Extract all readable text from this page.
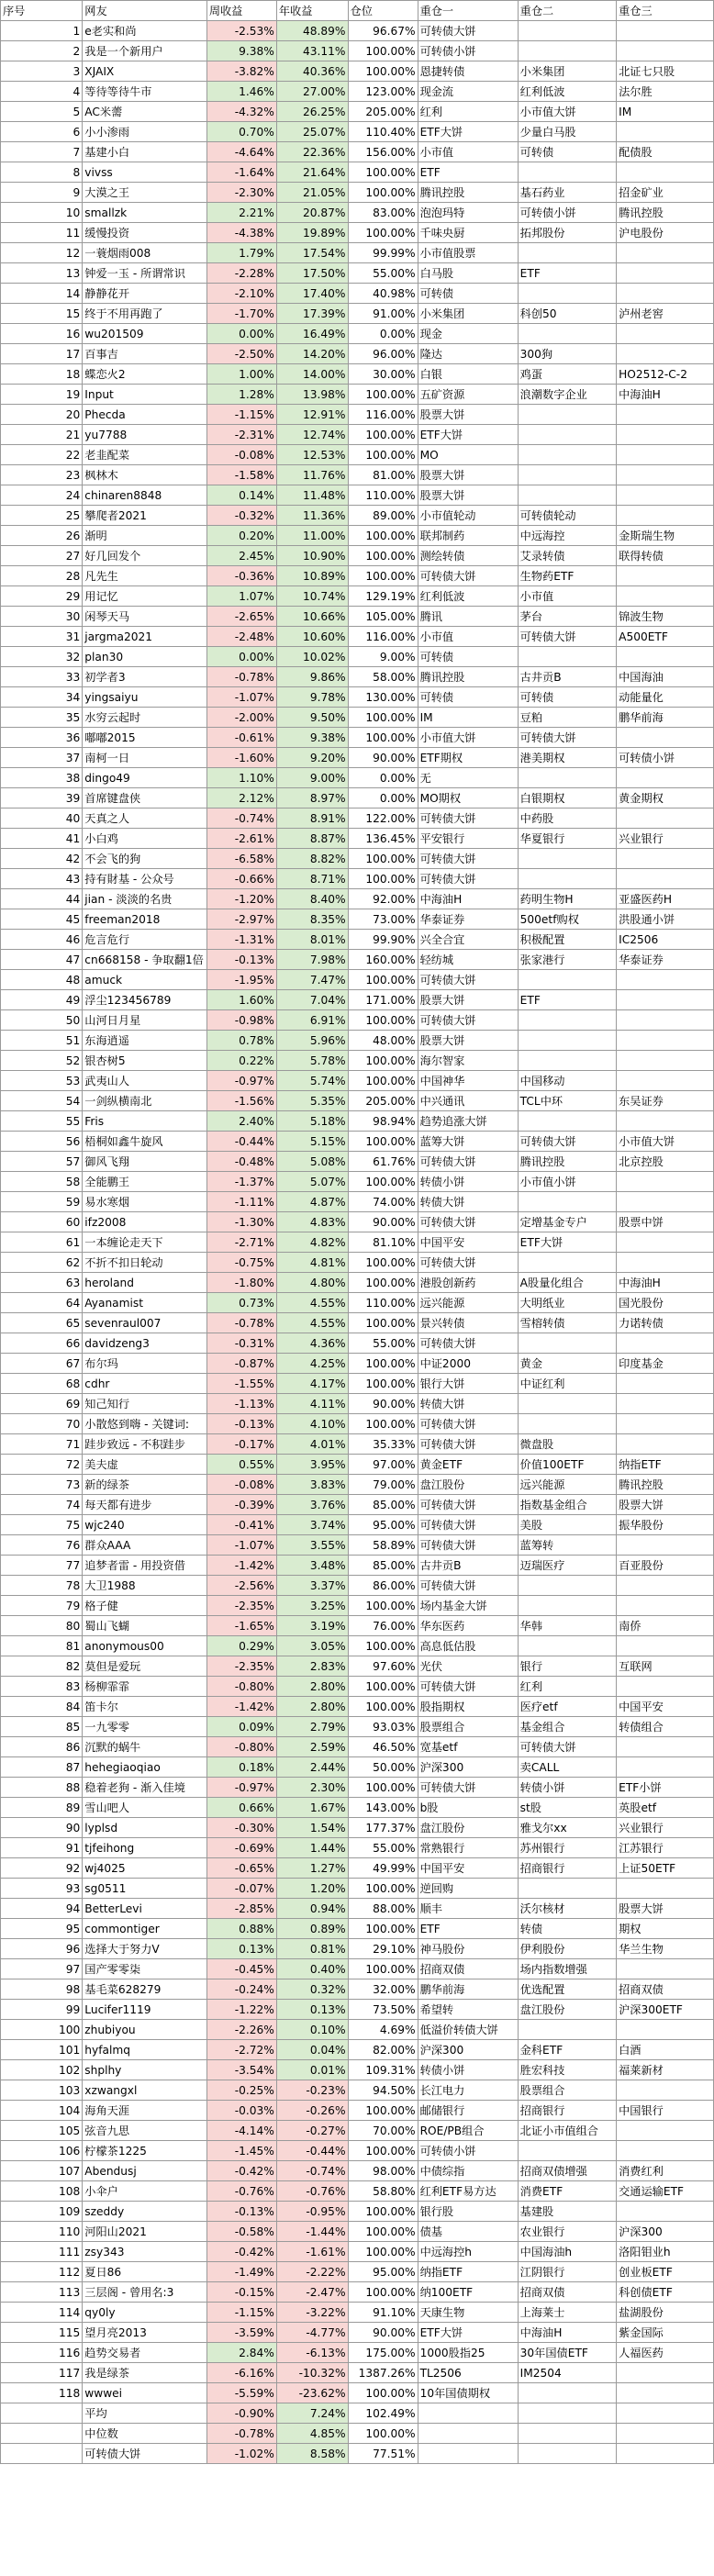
序号	网友	周收益	年收益	仓位	重仓一	重仓二	重仓三
1	e老实和尚	-2.53%	48.89%	96.67%	可转债大饼		
2	我是一个新用户	9.38%	43.11%	100.00%	可转债小饼		
3	XJAIX	-3.82%	40.36%	100.00%	恩捷转债	小米集团	北证七只股
4	等待等待牛市	1.46%	27.00%	123.00%	现金流	红利低波	法尔胜
5	AC米薷	-4.32%	26.25%	205.00%	红利	小市值大饼	IM
6	小小渗雨	0.70%	25.07%	110.40%	ETF大饼	少量白马股	
7	基建小白	-4.64%	22.36%	156.00%	小市值	可转债	配债股
8	vivss	-1.64%	21.64%	100.00%	ETF		
9	大漠之王	-2.30%	21.05%	100.00%	腾讯控股	基石药业	招金矿业
10	smallzk	2.21%	20.87%	83.00%	泡泡玛特	可转债小饼	腾讯控股
11	缓慢投资	-4.38%	19.89%	100.00%	千味央厨	拓邦股份	沪电股份
12	一蓑烟雨008	1.79%	17.54%	99.99%	小市值股票		
13	钟爱一玉 - 所谓常识	-2.28%	17.50%	55.00%	白马股	ETF	
14	静静花开	-2.10%	17.40%	40.98%	可转债		
15	终于不用再跑了	-1.70%	17.39%	91.00%	小米集团	科创50	泸州老窖
16	wu201509	0.00%	16.49%	0.00%	现金		
17	百事吉	-2.50%	14.20%	96.00%	隆达	300狗	
18	蝶恋火2	1.00%	14.00%	30.00%	白银	鸡蛋	HO2512-C-2
19	Input	1.28%	13.98%	100.00%	五矿资源	浪潮数字企业	中海油H
20	Phecda	-1.15%	12.91%	116.00%	股票大饼		
21	yu7788	-2.31%	12.74%	100.00%	ETF大饼		
22	老韭配菜	-0.08%	12.53%	100.00%	MO		
23	枫林木	-1.58%	11.76%	81.00%	股票大饼		
24	chinaren8848	0.14%	11.48%	110.00%	股票大饼		
25	攀爬者2021	-0.32%	11.36%	89.00%	小市值轮动	可转债轮动	
26	渐明	0.20%	11.00%	100.00%	联邦制药	中远海控	金斯瑞生物
27	好几回发个	2.45%	10.90%	100.00%	测绘转债	艾录转债	联得转债
28	凡先生	-0.36%	10.89%	100.00%	可转债大饼	生物药ETF	
29	用记忆	1.07%	10.74%	129.19%	红利低波	小市值	
30	闲琴天马	-2.65%	10.66%	105.00%	腾讯	茅台	锦波生物
31	jargma2021	-2.48%	10.60%	116.00%	小市值	可转债大饼	A500ETF
32	plan30	0.00%	10.02%	9.00%	可转债		
33	初学者3	-0.78%	9.86%	58.00%	腾讯控股	古井贡B	中国海油
34	yingsaiyu	-1.07%	9.78%	130.00%	可转债	可转债	动能量化
35	水穷云起时	-2.00%	9.50%	100.00%	IM	豆粕	鹏华前海
36	嘟嘟2015	-0.61%	9.38%	100.00%	小市值大饼	可转债大饼	
37	南柯一日	-1.60%	9.20%	90.00%	ETF期权	港美期权	可转债小饼
38	dingo49	1.10%	9.00%	0.00%	无		
39	首席键盘侠	2.12%	8.97%	0.00%	MO期权	白银期权	黄金期权
40	天真之人	-0.74%	8.91%	122.00%	可转债大饼	中药股	
41	小白鸡	-2.61%	8.87%	136.45%	平安银行	华夏银行	兴业银行
42	不会飞的狗	-6.58%	8.82%	100.00%	可转债大饼		
43	持有財基 - 公众号	-0.66%	8.71%	100.00%	可转债大饼		
44	jian - 淡淡的名贵	-1.20%	8.40%	92.00%	中海油H	药明生物H	亚盛医药H
45	freeman2018	-2.97%	8.35%	73.00%	华泰证券	500etf购权	洪股通小饼
46	危言危行	-1.31%	8.01%	99.90%	兴全合宜	积极配置	IC2506
47	cn668158 - 争取翻1倍	-0.13%	7.98%	160.00%	轻纺城	张家港行	华泰证券
48	amuck	-1.95%	7.47%	100.00%	可转债大饼		
49	浮尘123456789	1.60%	7.04%	171.00%	股票大饼	ETF	
50	山河日月星	-0.98%	6.91%	100.00%	可转债大饼		
51	东海逍遥	0.78%	5.96%	48.00%	股票大饼		
52	银杏树5	0.22%	5.78%	100.00%	海尔智家		
53	武夷山人	-0.97%	5.74%	100.00%	中国神华	中国移动	
54	一剑纵横南北	-1.56%	5.35%	205.00%	中兴通讯	TCL中环	东吴证券
55	Fris	2.40%	5.18%	98.94%	趋势追涨大饼		
56	梧桐如鑫牛旋风	-0.44%	5.15%	100.00%	蓝筹大饼	可转债大饼	小市值大饼
57	御风飞翔	-0.48%	5.08%	61.76%	可转债大饼	腾讯控股	北京控股
58	全能鹏王	-1.37%	5.07%	100.00%	转债小饼	小市值小饼	
59	易水寒烟	-1.11%	4.87%	74.00%	转债大饼		
60	ifz2008	-1.30%	4.83%	90.00%	可转债大饼	定增基金专户	股票中饼
61	一本缠论走天下	-2.71%	4.82%	81.10%	中国平安	ETF大饼	
62	不折不扣日轮动	-0.75%	4.81%	100.00%	可转债大饼		
63	heroland	-1.80%	4.80%	100.00%	港股创新药	A股量化组合	中海油H
64	Ayanamist	0.73%	4.55%	110.00%	远兴能源	大明纸业	国光股份
65	sevenraul007	-0.78%	4.55%	100.00%	景兴转债	雪榕转债	力诺转债
66	davidzeng3	-0.31%	4.36%	55.00%	可转债大饼		
67	布尔玛	-0.87%	4.25%	100.00%	中证2000	黄金	印度基金
68	cdhr	-1.55%	4.17%	100.00%	银行大饼	中证红利	
69	知己知行	-1.13%	4.11%	90.00%	转债大饼		
70	小散悠到嗨 - 关键词:	-0.13%	4.10%	100.00%	可转债大饼		
71	跬步致远 - 不积跬步	-0.17%	4.01%	35.33%	可转债大饼	微盘股	
72	美夫虚	0.55%	3.95%	97.00%	黄金ETF	价值100ETF	纳指ETF
73	新的绿茶	-0.08%	3.83%	79.00%	盘江股份	远兴能源	腾讯控股
74	每天都有进步	-0.39%	3.76%	85.00%	可转债大饼	指数基金组合	股票大饼
75	wjc240	-0.41%	3.74%	95.00%	可转债大饼	美股	振华股份
76	群众AAA	-1.07%	3.55%	58.89%	可转债大饼	蓝筹转	
77	追梦者雷 - 用投资借	-1.42%	3.48%	85.00%	古井贡B	迈瑞医疗	百亚股份
78	大卫1988	-2.56%	3.37%	86.00%	可转债大饼		
79	格子健	-2.35%	3.25%	100.00%	场内基金大饼		
80	蜀山飞蝴	-1.65%	3.19%	76.00%	华东医药	华韩	南侨
81	anonymous00	0.29%	3.05%	100.00%	高息低估股		
82	莫但是爱玩	-2.35%	2.83%	97.60%	光伏	银行	互联网
83	杨柳霏霏	-0.80%	2.80%	100.00%	可转债大饼	红利	
84	笛卡尔	-1.42%	2.80%	100.00%	股指期权	医疗etf	中国平安
85	一九零零	0.09%	2.79%	93.03%	股票组合	基金组合	转债组合
86	沉默的蜗牛	-0.80%	2.59%	46.50%	宽基etf	可转债大饼	
87	hehegiaoqiao	0.18%	2.44%	50.00%	沪深300	卖CALL	
88	稳着老狗 - 渐入佳境	-0.97%	2.30%	100.00%	可转债大饼	转债小饼	ETF小饼
89	雪山吧人	0.66%	1.67%	143.00%	b股	st股	英股etf
90	lyplsd	-0.30%	1.54%	177.37%	盘江股份	雅戈尔xx	兴业银行
91	tjfeihong	-0.69%	1.44%	55.00%	常熟银行	苏州银行	江苏银行
92	wj4025	-0.65%	1.27%	49.99%	中国平安	招商银行	上证50ETF
93	sg0511	-0.07%	1.20%	100.00%	逆回购		
94	BetterLevi	-2.85%	0.94%	88.00%	顺丰	沃尔核材	股票大饼
95	commontiger	0.88%	0.89%	100.00%	ETF	转债	期权
96	选择大于努力V	0.13%	0.81%	29.10%	神马股份	伊利股份	华兰生物
97	国产零零柒	-0.45%	0.40%	100.00%	招商双债	场内指数增强	
98	基毛菜628279	-0.24%	0.32%	32.00%	鹏华前海	优选配置	招商双债
99	Lucifer1119	-1.22%	0.13%	73.50%	希望转	盘江股份	沪深300ETF
100	zhubiyou	-2.26%	0.10%	4.69%	低溢价转债大饼		
101	hyfalmq	-2.72%	0.04%	82.00%	沪深300	金科ETF	白酒
102	shplhy	-3.54%	0.01%	109.31%	转债小饼	胜宏科技	福莱新材
103	xzwangxl	-0.25%	-0.23%	94.50%	长江电力	股票组合	
104	海角天涯	-0.03%	-0.26%	100.00%	邮储银行	招商银行	中国银行
105	弦音九思	-4.14%	-0.27%	70.00%	ROE/PB组合	北证小市值组合	
106	柠檬茶1225	-1.45%	-0.44%	100.00%	可转债小饼		
107	Abendusj	-0.42%	-0.74%	98.00%	中债综指	招商双债增强	消费红利
108	小伞户	-0.76%	-0.76%	58.80%	红利ETF易方达	消费ETF	交通运输ETF
109	szeddy	-0.13%	-0.95%	100.00%	银行股	基建股	
110	河阳山2021	-0.58%	-1.44%	100.00%	债基	农业银行	沪深300
111	zsy343	-0.42%	-1.61%	100.00%	中远海控h	中国海油h	洛阳钼业h
112	夏日86	-1.49%	-2.22%	95.00%	纳指ETF	江阴银行	创业板ETF
113	三层阁 - 曾用名:3	-0.15%	-2.47%	100.00%	纳100ETF	招商双债	科创债ETF
114	qy0ly	-1.15%	-3.22%	91.10%	天康生物	上海莱士	盐湖股份
115	望月亮2013	-3.59%	-4.77%	90.00%	ETF大饼	中海油H	紫金国际
116	趋势交易者	2.84%	-6.13%	175.00%	1000股指25	30年国债ETF	人福医药
117	我是绿茶	-6.16%	-10.32%	1387.26%	TL2506	IM2504	
118	wwwei	-5.59%	-23.62%	100.00%	10年国债期权		
	平均	-0.90%	7.24%	102.49%			
	中位数	-0.78%	4.85%	100.00%			
	可转债大饼	-1.02%	8.58%	77.51%			
